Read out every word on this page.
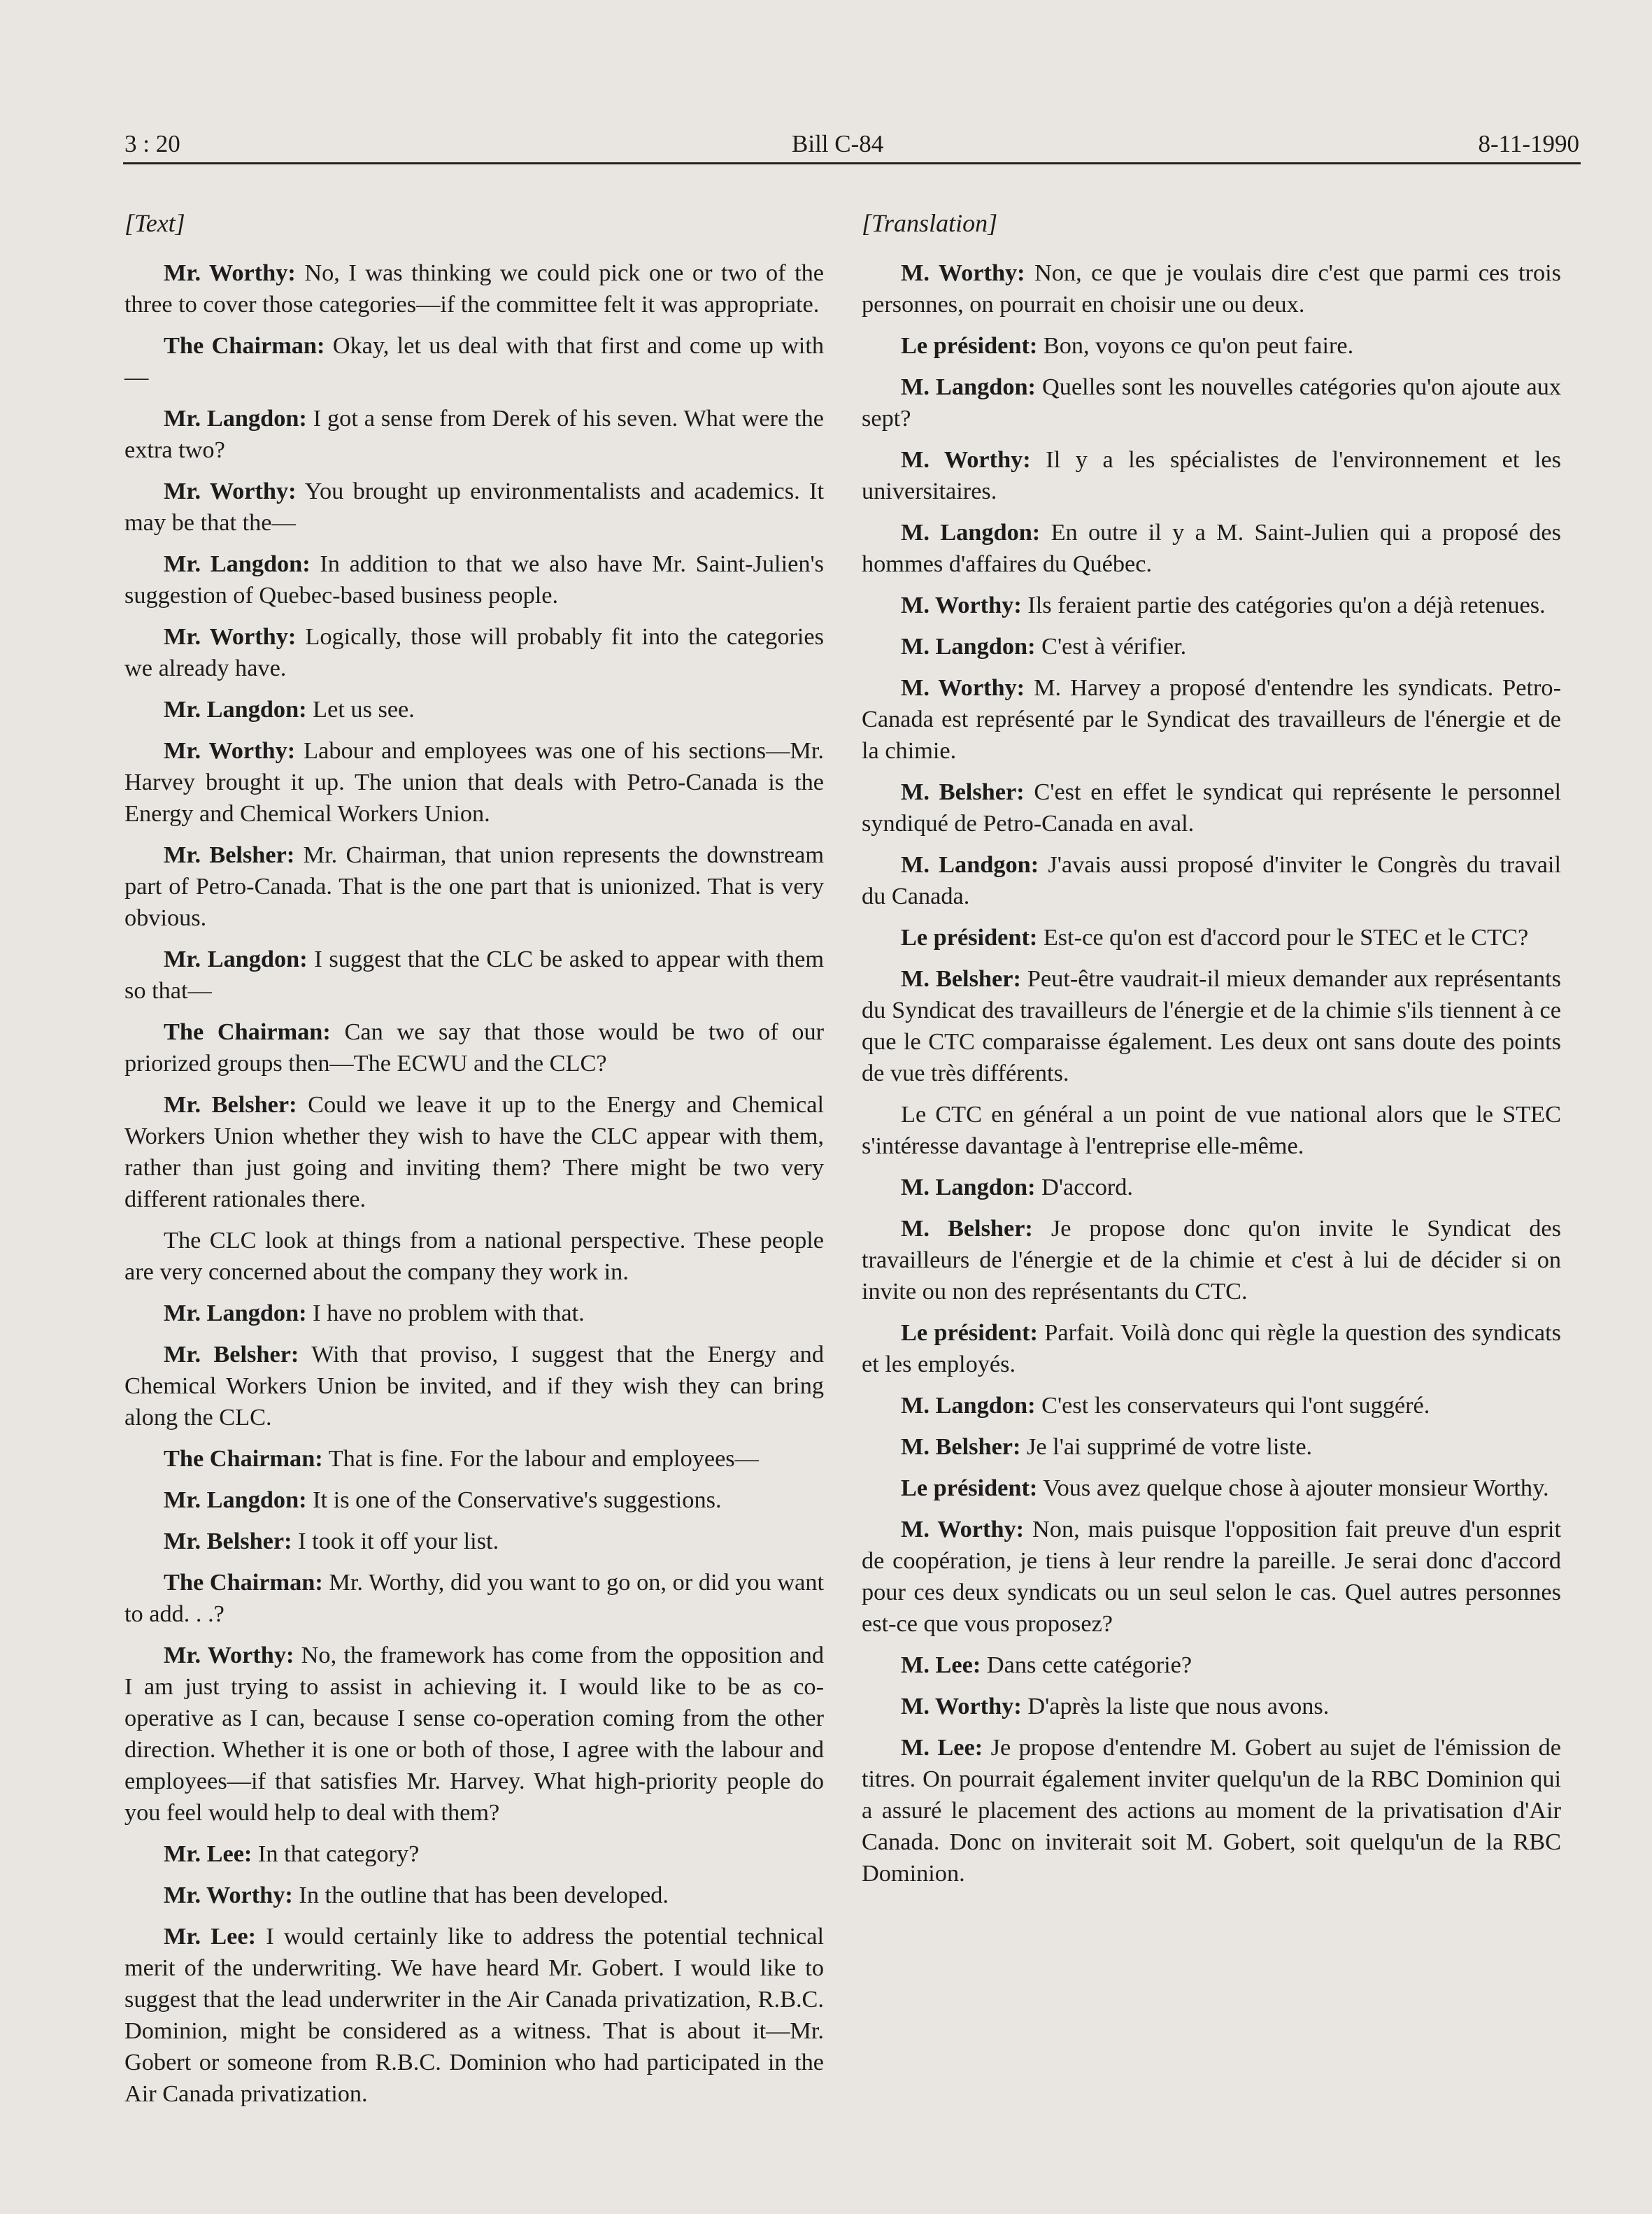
3 : 20	Bill C-84	8-11-1990
[Text]

Mr. Worthy: No, I was thinking we could pick one or two of the three to cover those categories—if the committee felt it was appropriate.

The Chairman: Okay, let us deal with that first and come up with—

Mr. Langdon: I got a sense from Derek of his seven. What were the extra two?

Mr. Worthy: You brought up environmentalists and academics. It may be that the—

Mr. Langdon: In addition to that we also have Mr. Saint-Julien's suggestion of Quebec-based business people.

Mr. Worthy: Logically, those will probably fit into the categories we already have.

Mr. Langdon: Let us see.

Mr. Worthy: Labour and employees was one of his sections—Mr. Harvey brought it up. The union that deals with Petro-Canada is the Energy and Chemical Workers Union.

Mr. Belsher: Mr. Chairman, that union represents the downstream part of Petro-Canada. That is the one part that is unionized. That is very obvious.

Mr. Langdon: I suggest that the CLC be asked to appear with them so that—

The Chairman: Can we say that those would be two of our priorized groups then—The ECWU and the CLC?

Mr. Belsher: Could we leave it up to the Energy and Chemical Workers Union whether they wish to have the CLC appear with them, rather than just going and inviting them? There might be two very different rationales there.

The CLC look at things from a national perspective. These people are very concerned about the company they work in.

Mr. Langdon: I have no problem with that.

Mr. Belsher: With that proviso, I suggest that the Energy and Chemical Workers Union be invited, and if they wish they can bring along the CLC.

The Chairman: That is fine. For the labour and employees—

Mr. Langdon: It is one of the Conservative's suggestions.

Mr. Belsher: I took it off your list.

The Chairman: Mr. Worthy, did you want to go on, or did you want to add. . .?

Mr. Worthy: No, the framework has come from the opposition and I am just trying to assist in achieving it. I would like to be as co-operative as I can, because I sense co-operation coming from the other direction. Whether it is one or both of those, I agree with the labour and employees—if that satisfies Mr. Harvey. What high-priority people do you feel would help to deal with them?

Mr. Lee: In that category?

Mr. Worthy: In the outline that has been developed.

Mr. Lee: I would certainly like to address the potential technical merit of the underwriting. We have heard Mr. Gobert. I would like to suggest that the lead underwriter in the Air Canada privatization, R.B.C. Dominion, might be considered as a witness. That is about it—Mr. Gobert or someone from R.B.C. Dominion who had participated in the Air Canada privatization.

[Translation]

M. Worthy: Non, ce que je voulais dire c'est que parmi ces trois personnes, on pourrait en choisir une ou deux.

Le président: Bon, voyons ce qu'on peut faire.

M. Langdon: Quelles sont les nouvelles catégories qu'on ajoute aux sept?

M. Worthy: Il y a les spécialistes de l'environnement et les universitaires.

M. Langdon: En outre il y a M. Saint-Julien qui a proposé des hommes d'affaires du Québec.

M. Worthy: Ils feraient partie des catégories qu'on a déjà retenues.

M. Langdon: C'est à vérifier.

M. Worthy: M. Harvey a proposé d'entendre les syndicats. Petro-Canada est représenté par le Syndicat des travailleurs de l'énergie et de la chimie.

M. Belsher: C'est en effet le syndicat qui représente le personnel syndiqué de Petro-Canada en aval.

M. Landgon: J'avais aussi proposé d'inviter le Congrès du travail du Canada.

Le président: Est-ce qu'on est d'accord pour le STEC et le CTC?

M. Belsher: Peut-être vaudrait-il mieux demander aux représentants du Syndicat des travailleurs de l'énergie et de la chimie s'ils tiennent à ce que le CTC comparaisse également. Les deux ont sans doute des points de vue très différents.

Le CTC en général a un point de vue national alors que le STEC s'intéresse davantage à l'entreprise elle-même.

M. Langdon: D'accord.

M. Belsher: Je propose donc qu'on invite le Syndicat des travailleurs de l'énergie et de la chimie et c'est à lui de décider si on invite ou non des représentants du CTC.

Le président: Parfait. Voilà donc qui règle la question des syndicats et les employés.

M. Langdon: C'est les conservateurs qui l'ont suggéré.

M. Belsher: Je l'ai supprimé de votre liste.

Le président: Vous avez quelque chose à ajouter monsieur Worthy.

M. Worthy: Non, mais puisque l'opposition fait preuve d'un esprit de coopération, je tiens à leur rendre la pareille. Je serai donc d'accord pour ces deux syndicats ou un seul selon le cas. Quel autres personnes est-ce que vous proposez?

M. Lee: Dans cette catégorie?

M. Worthy: D'après la liste que nous avons.

M. Lee: Je propose d'entendre M. Gobert au sujet de l'émission de titres. On pourrait également inviter quelqu'un de la RBC Dominion qui a assuré le placement des actions au moment de la privatisation d'Air Canada. Donc on inviterait soit M. Gobert, soit quelqu'un de la RBC Dominion.
